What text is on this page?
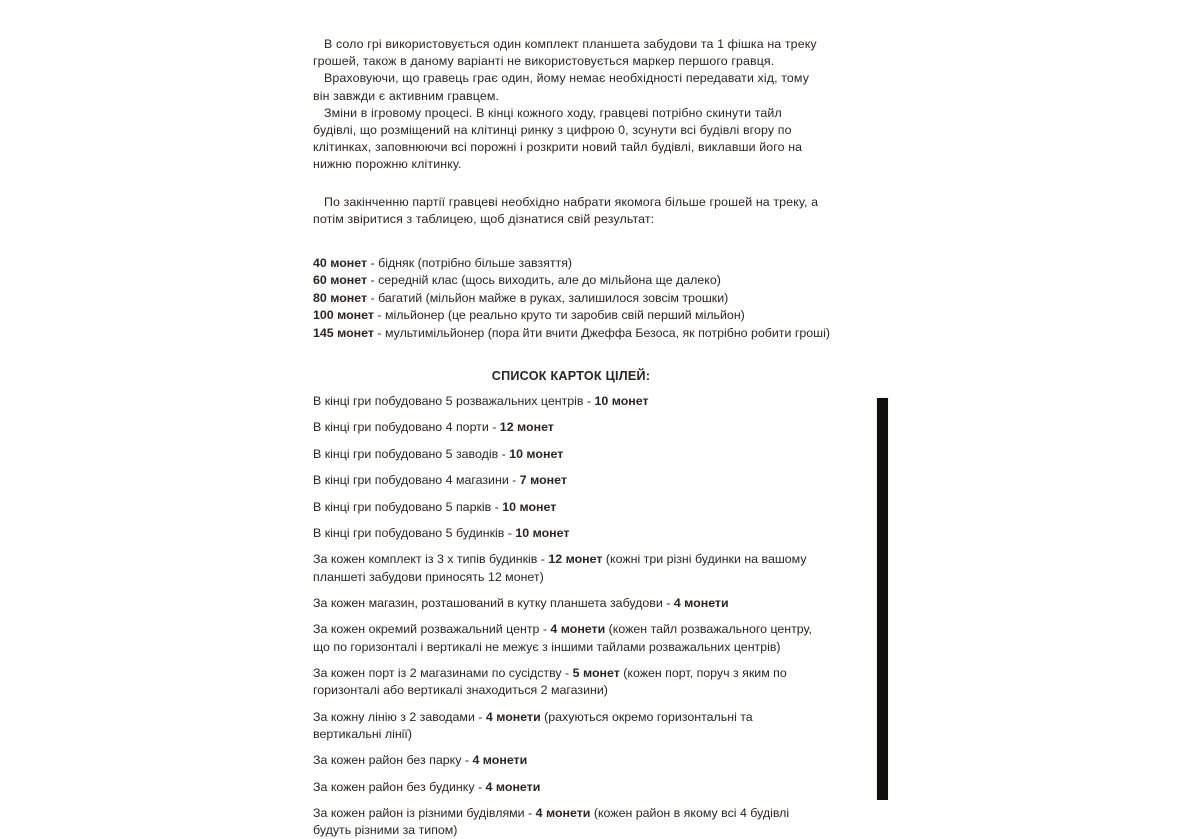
В соло грі використовується один комплект планшета забудови та 1 фішка на треку грошей, також в даному варіанті не використовується маркер першого гравця.

Враховуючи, що гравець грає один, йому немає необхідності передавати хід, тому він завжди є активним гравцем.

Зміни в ігровому процесі. В кінці кожного ходу, гравцеві потрібно скинути тайл будівлі, що розміщений на клітинці ринку з цифрою 0, зсунути всі будівлі вгору по клітинках, заповнюючи всі порожні і розкрити новий тайл будівлі, виклавши його на нижню порожню клітинку.

По закінченню партії гравцеві необхідно набрати якомога більше грошей на треку, а потім звіритися з таблицею, щоб дізнатися свій результат:

40 монет - бідняк (потрібно більше завзяття)
60 монет - середній клас (щось виходить, але до мільйона ще далеко)
80 монет - багатий (мільйон майже в руках, залишилося зовсім трошки)
100 монет - мільйонер (це реально круто ти заробив свій перший мільйон)
145 монет - мультимільйонер (пора йти вчити Джеффа Безоса, як потрібно робити гроші)
СПИСОК КАРТОК ЦІЛЕЙ:
В кінці гри побудовано 5 розважальних центрів - 10 монет
В кінці гри побудовано 4 порти - 12 монет
В кінці гри побудовано 5 заводів - 10 монет
В кінці гри побудовано 4 магазини - 7 монет
В кінці гри побудовано 5 парків - 10 монет
В кінці гри побудовано 5 будинків - 10 монет
За кожен комплект із 3 х типів будинків - 12 монет (кожні три різні будинки на вашому планшеті забудови приносять 12 монет)
За кожен магазин, розташований в кутку планшета забудови - 4 монети
За кожен окремий розважальний центр - 4 монети (кожен тайл розважального центру, що по горизонталі і вертикалі не межує з іншими тайлами розважальних центрів)
За кожен порт із 2 магазинами по сусідству - 5 монет (кожен порт, поруч з яким по горизонталі або вертикалі знаходиться 2 магазини)
За кожну лінію з 2 заводами - 4 монети (рахуються окремо горизонтальні та вертикальні лінії)
За кожен район без парку - 4 монети
За кожен район без будинку - 4 монети
За кожен район із різними будівлями - 4 монети (кожен район в якому всі 4 будівлі будуть різними за типом)
